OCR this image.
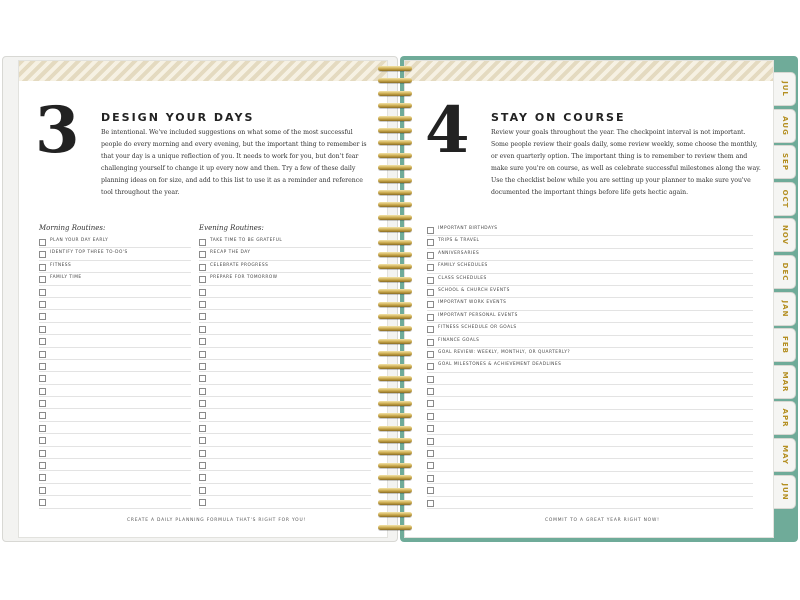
3 DESIGN YOUR DAYS

Be intentional. We've included suggestions on what some of the most successful people do every morning and every evening, but the important thing to remember is that your day is a unique reflection of you. It needs to work for you, but don't fear challenging yourself to change it up every now and then. Try a few of these daily planning ideas on for size, and add to this list to use it as a reminder and reference tool throughout the year.

Morning Routines:	Evening Routines:
PLAN YOUR DAY EARLY
IDENTIFY TOP THREE TO-DO'S
FITNESS
FAMILY TIME
TAKE TIME TO BE GRATEFUL
RECAP THE DAY
CELEBRATE PROGRESS
PREPARE FOR TOMORROW
CREATE A DAILY PLANNING FORMULA THAT'S RIGHT FOR YOU!
4 STAY ON COURSE

Review your goals throughout the year. The checkpoint interval is not important. Some people review their goals daily, some review weekly, some choose the monthly, or even quarterly option. The important thing is to remember to review them and make sure you're on course, as well as celebrate successful milestones along the way. Use the checklist below while you are setting up your planner to make sure you've documented the important things before life gets hectic again.

IMPORTANT BIRTHDAYS
TRIPS & TRAVEL
ANNIVERSARIES
FAMILY SCHEDULES
CLASS SCHEDULES
SCHOOL & CHURCH EVENTS
IMPORTANT WORK EVENTS
IMPORTANT PERSONAL EVENTS
FITNESS SCHEDULE OR GOALS
FINANCE GOALS
GOAL REVIEW: WEEKLY, MONTHLY, OR QUARTERLY?
GOAL MILESTONES & ACHIEVEMENT DEADLINES
COMMIT TO A GREAT YEAR RIGHT NOW!
JUL
AUG
SEP
OCT
NOV
DEC
JAN
FEB
MAR
APR
MAY
JUN
